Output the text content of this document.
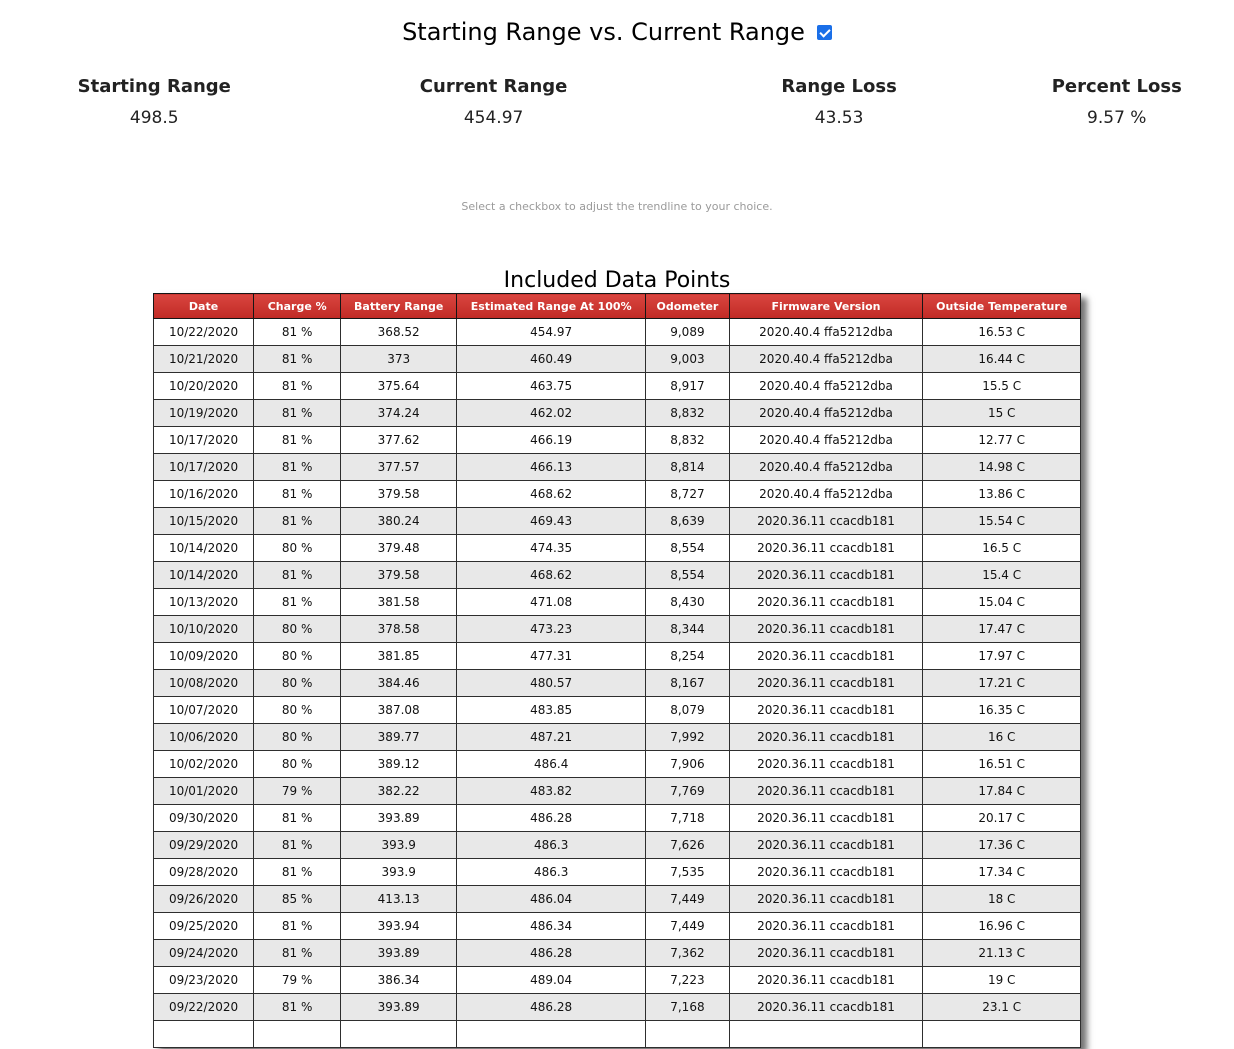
Starting Range vs. Current Range
Starting Range
498.5
Current Range
454.97
Range Loss
43.53
Percent Loss
9.57 %
Select a checkbox to adjust the trendline to your choice.
Included Data Points
Date	Charge %	Battery Range	Estimated Range At 100%	Odometer	Firmware Version	Outside Temperature
10/22/2020	81 %	368.52	454.97	9,089	2020.40.4 ffa5212dba	16.53 C
10/21/2020	81 %	373	460.49	9,003	2020.40.4 ffa5212dba	16.44 C
10/20/2020	81 %	375.64	463.75	8,917	2020.40.4 ffa5212dba	15.5 C
10/19/2020	81 %	374.24	462.02	8,832	2020.40.4 ffa5212dba	15 C
10/17/2020	81 %	377.62	466.19	8,832	2020.40.4 ffa5212dba	12.77 C
10/17/2020	81 %	377.57	466.13	8,814	2020.40.4 ffa5212dba	14.98 C
10/16/2020	81 %	379.58	468.62	8,727	2020.40.4 ffa5212dba	13.86 C
10/15/2020	81 %	380.24	469.43	8,639	2020.36.11 ccacdb181	15.54 C
10/14/2020	80 %	379.48	474.35	8,554	2020.36.11 ccacdb181	16.5 C
10/14/2020	81 %	379.58	468.62	8,554	2020.36.11 ccacdb181	15.4 C
10/13/2020	81 %	381.58	471.08	8,430	2020.36.11 ccacdb181	15.04 C
10/10/2020	80 %	378.58	473.23	8,344	2020.36.11 ccacdb181	17.47 C
10/09/2020	80 %	381.85	477.31	8,254	2020.36.11 ccacdb181	17.97 C
10/08/2020	80 %	384.46	480.57	8,167	2020.36.11 ccacdb181	17.21 C
10/07/2020	80 %	387.08	483.85	8,079	2020.36.11 ccacdb181	16.35 C
10/06/2020	80 %	389.77	487.21	7,992	2020.36.11 ccacdb181	16 C
10/02/2020	80 %	389.12	486.4	7,906	2020.36.11 ccacdb181	16.51 C
10/01/2020	79 %	382.22	483.82	7,769	2020.36.11 ccacdb181	17.84 C
09/30/2020	81 %	393.89	486.28	7,718	2020.36.11 ccacdb181	20.17 C
09/29/2020	81 %	393.9	486.3	7,626	2020.36.11 ccacdb181	17.36 C
09/28/2020	81 %	393.9	486.3	7,535	2020.36.11 ccacdb181	17.34 C
09/26/2020	85 %	413.13	486.04	7,449	2020.36.11 ccacdb181	18 C
09/25/2020	81 %	393.94	486.34	7,449	2020.36.11 ccacdb181	16.96 C
09/24/2020	81 %	393.89	486.28	7,362	2020.36.11 ccacdb181	21.13 C
09/23/2020	79 %	386.34	489.04	7,223	2020.36.11 ccacdb181	19 C
09/22/2020	81 %	393.89	486.28	7,168	2020.36.11 ccacdb181	23.1 C
